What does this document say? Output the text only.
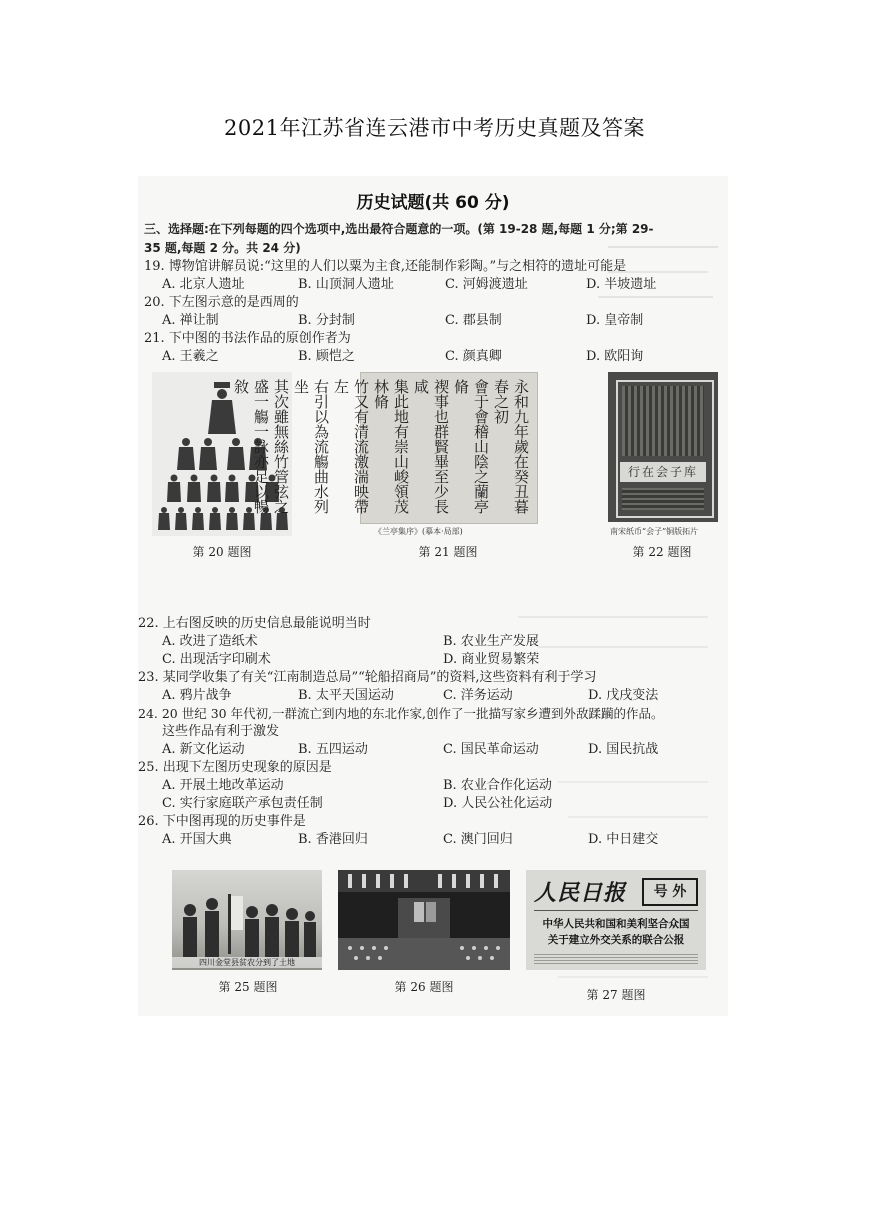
2021年江苏省连云港市中考历史真题及答案
历史试题(共 60 分)
三、选择题:在下列每题的四个选项中,选出最符合题意的一项。(第 19-28 题,每题 1 分;第 29-
35 题,每题 2 分。共 24 分)
19. 博物馆讲解员说:“这里的人们以粟为主食,还能制作彩陶。”与之相符的遗址可能是
A. 北京人遗址	B. 山顶洞人遗址	C. 河姆渡遗址	D. 半坡遗址
20. 下左图示意的是西周的
A. 禅让制	B. 分封制	C. 郡县制	D. 皇帝制
21. 下中图的书法作品的原创作者为
A. 王羲之	B. 顾恺之	C. 颜真卿	D. 欧阳询
第 20 题图
永和九年歲在癸丑暮春之初
會于會稽山陰之蘭亭脩
禊事也群賢畢至少長咸
集此地有崇山峻領茂林脩
竹又有清流激湍映帶左
右引以為流觴曲水列坐
其次雖無絲竹管弦之
盛一觴一詠亦足以暢敘
《兰亭集序》(摹本·局部)
第 21 题图
行在会子库
南宋纸币“会子”铜版拓片
第 22 题图
22. 上右图反映的历史信息最能说明当时
A. 改进了造纸术	B. 农业生产发展
C. 出现活字印刷术	D. 商业贸易繁荣
23. 某同学收集了有关“江南制造总局”“轮船招商局”的资料,这些资料有利于学习
A. 鸦片战争	B. 太平天国运动	C. 洋务运动	D. 戊戌变法
24. 20 世纪 30 年代初,一群流亡到内地的东北作家,创作了一批描写家乡遭到外敌蹂躏的作品。
这些作品有利于激发
A. 新文化运动	B. 五四运动	C. 国民革命运动	D. 国民抗战
25. 出现下左图历史现象的原因是
A. 开展土地改革运动	B. 农业合作化运动
C. 实行家庭联产承包责任制	D. 人民公社化运动
26. 下中图再现的历史事件是
A. 开国大典	B. 香港回归	C. 澳门回归	D. 中日建交
四川金堂县贫农分到了土地
第 25 题图	第 26 题图
人民日报	号 外
中华人民共和国和美利坚合众国
关于建立外交关系的联合公报
第 27 题图
